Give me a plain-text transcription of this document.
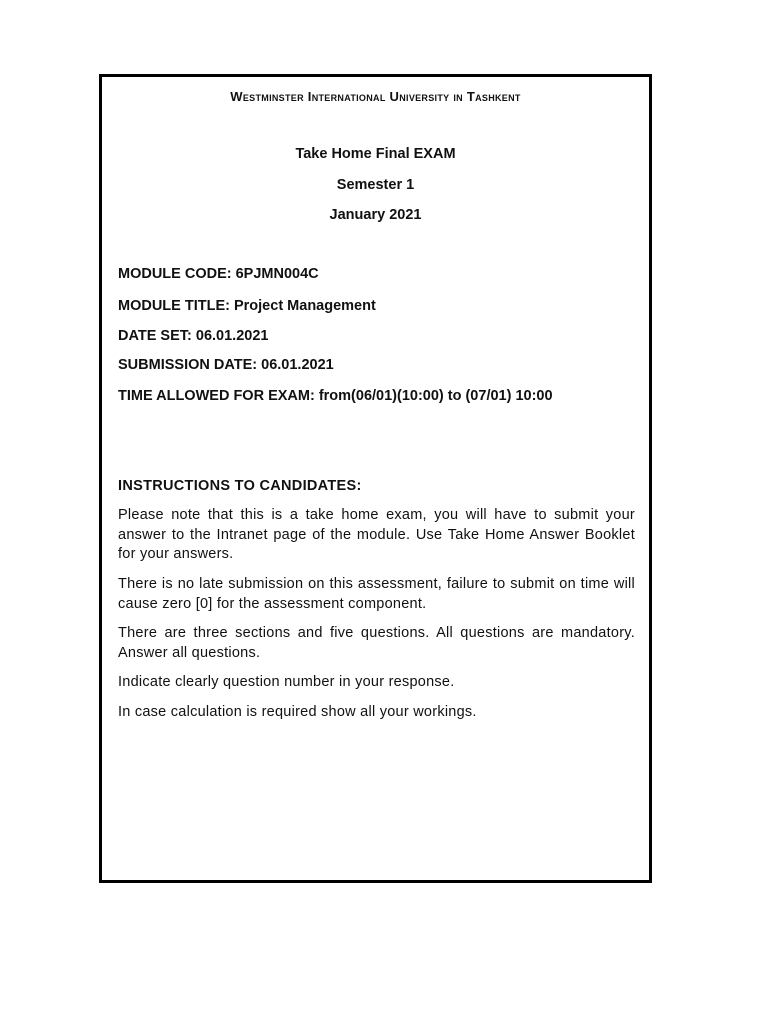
Westminster International University in Tashkent
Take Home Final EXAM
Semester 1
January 2021
MODULE CODE: 6PJMN004C
MODULE TITLE: Project Management
DATE SET: 06.01.2021
SUBMISSION DATE: 06.01.2021
TIME ALLOWED FOR EXAM: from(06/01)(10:00) to (07/01) 10:00
INSTRUCTIONS TO CANDIDATES:
Please note that this is a take home exam, you will have to submit your answer to the Intranet page of the module. Use Take Home Answer Booklet for your answers.
There is no late submission on this assessment, failure to submit on time will cause zero [0] for the assessment component.
There are three sections and five questions. All questions are mandatory. Answer all questions.
Indicate clearly question number in your response.
In case calculation is required show all your workings.
